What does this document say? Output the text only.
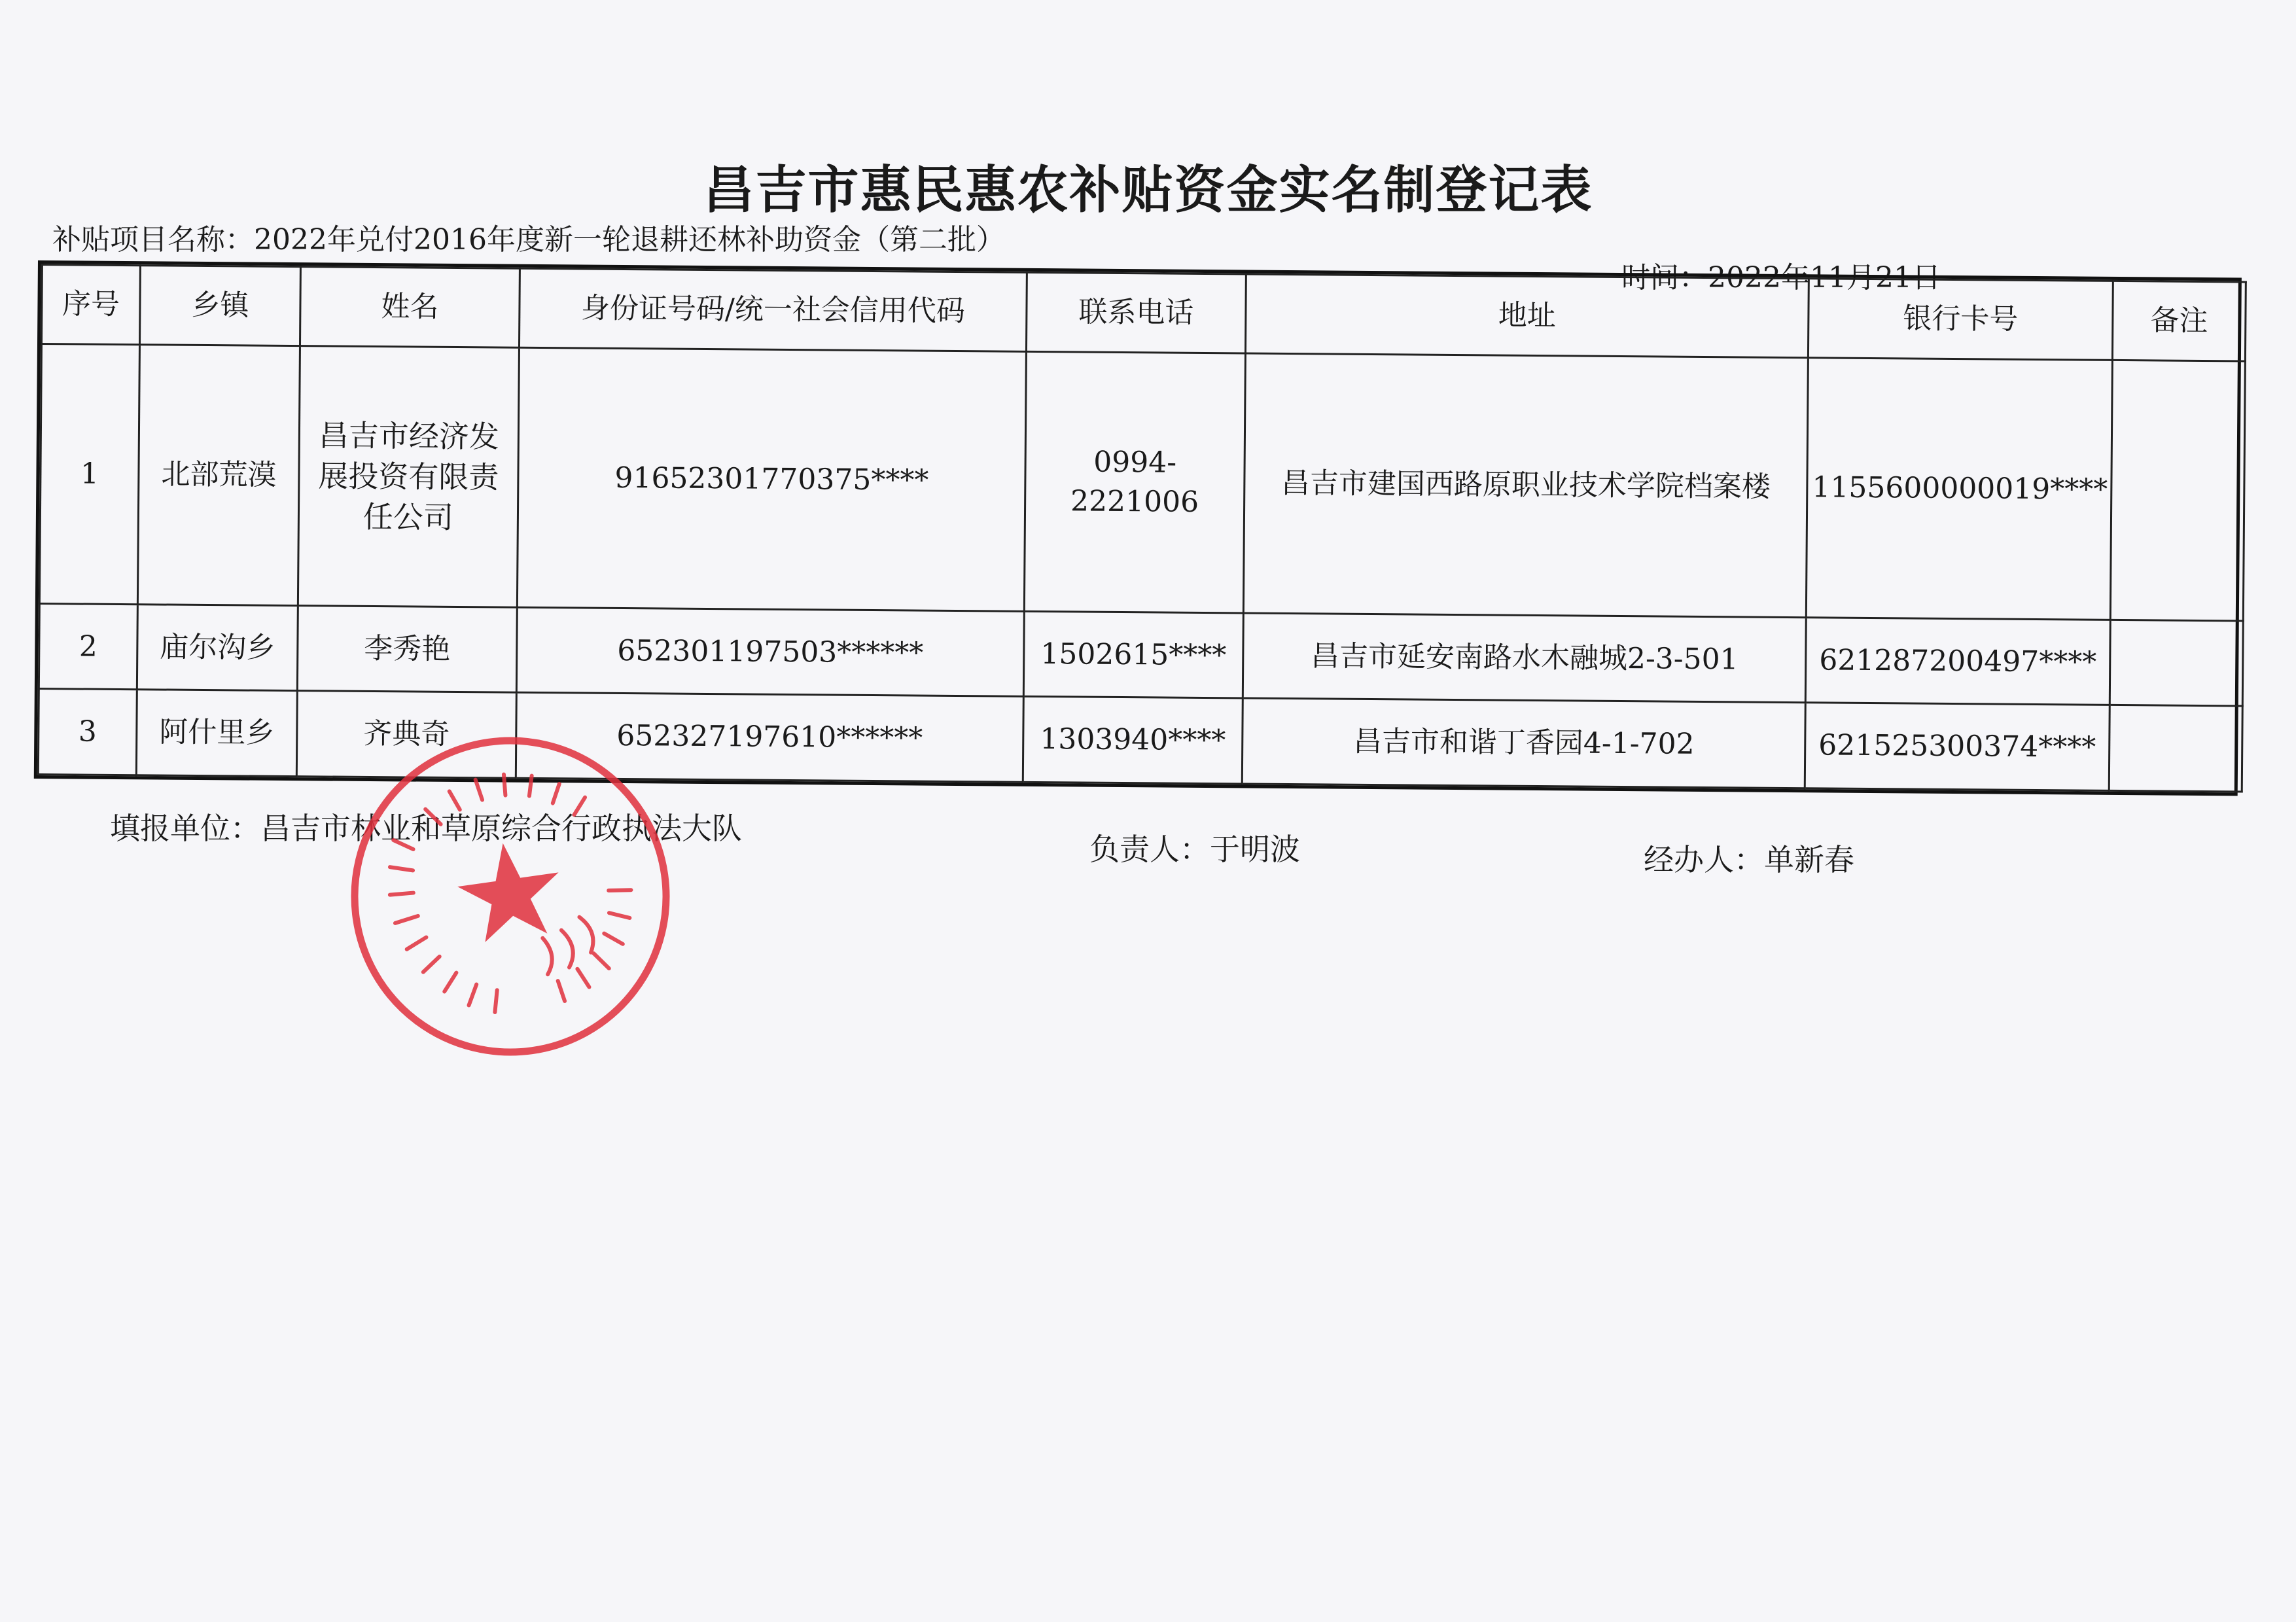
昌吉市惠民惠农补贴资金实名制登记表
补贴项目名称：2022年兑付2016年度新一轮退耕还林补助资金（第二批）
时间：2022年11月21日
序号	乡镇	姓名	身份证号码/统一社会信用代码	联系电话	地址	银行卡号	备注
1	北部荒漠	昌吉市经济发展投资有限责任公司	91652301770375****	0994-2221006	昌吉市建国西路原职业技术学院档案楼	1155600000019****	
2	庙尔沟乡	李秀艳	652301197503******	1502615****	昌吉市延安南路水木融城2-3-501	621287200497****	
3	阿什里乡	齐典奇	652327197610******	1303940****	昌吉市和谐丁香园4-1-702	621525300374****	
填报单位：昌吉市林业和草原综合行政执法大队
负责人：于明波	经办人：单新春
